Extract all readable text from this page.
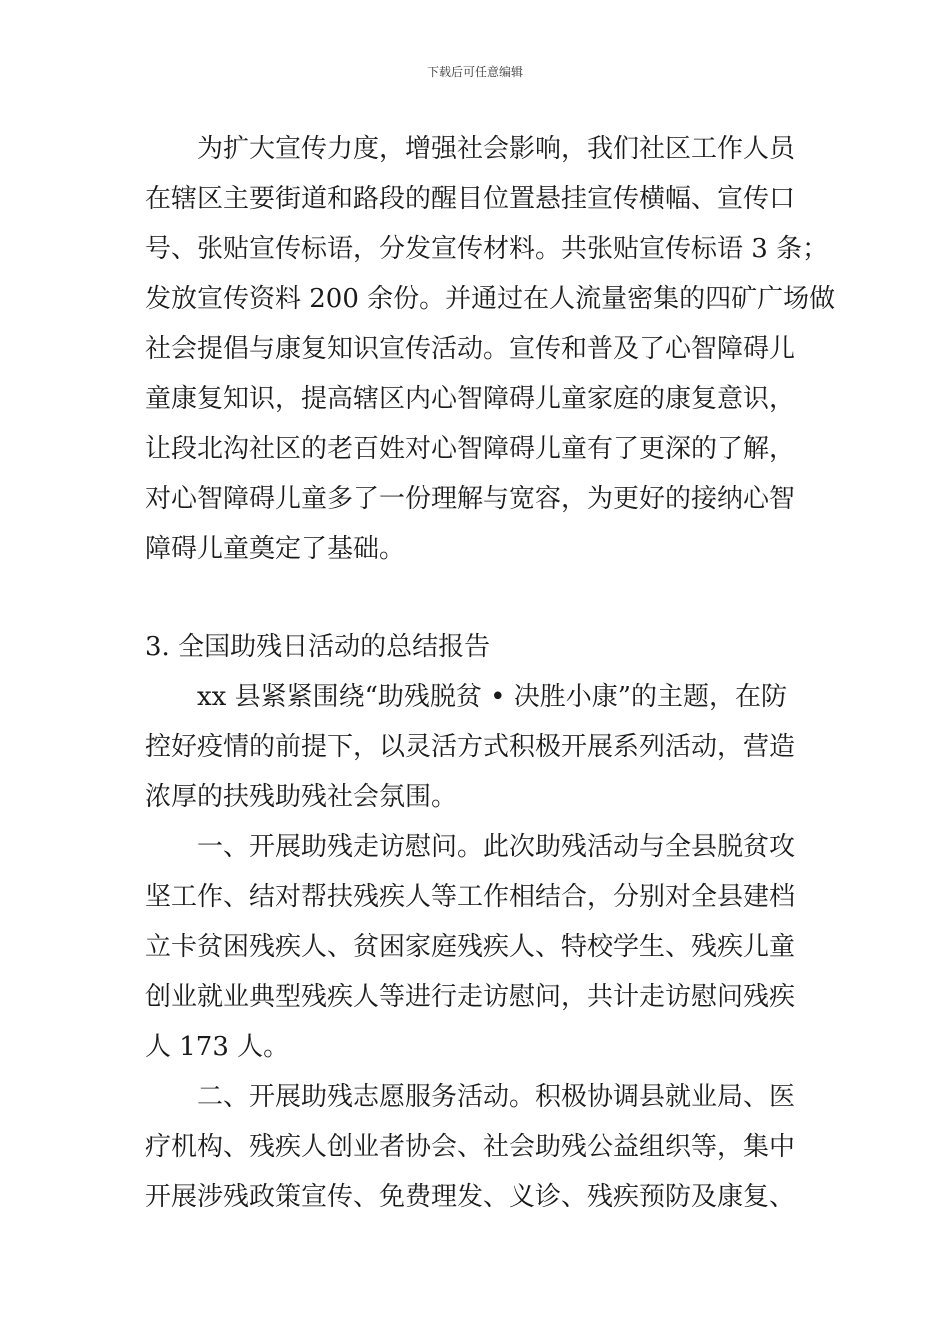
下载后可任意编辑
为扩大宣传力度，增强社会影响，我们社区工作人员
在辖区主要街道和路段的醒目位置悬挂宣传横幅、宣传口
号、张贴宣传标语，分发宣传材料。共张贴宣传标语 3 条；
发放宣传资料 200 余份。并通过在人流量密集的四矿广场做
社会提倡与康复知识宣传活动。宣传和普及了心智障碍儿
童康复知识，提高辖区内心智障碍儿童家庭的康复意识，
让段北沟社区的老百姓对心智障碍儿童有了更深的了解，
对心智障碍儿童多了一份理解与宽容，为更好的接纳心智
障碍儿童奠定了基础。
3. 全国助残日活动的总结报告
xx 县紧紧围绕“助残脱贫 • 决胜小康”的主题，在防
控好疫情的前提下，以灵活方式积极开展系列活动，营造
浓厚的扶残助残社会氛围。
一、开展助残走访慰问。此次助残活动与全县脱贫攻
坚工作、结对帮扶残疾人等工作相结合，分别对全县建档
立卡贫困残疾人、贫困家庭残疾人、特校学生、残疾儿童
创业就业典型残疾人等进行走访慰问，共计走访慰问残疾
人 173 人。
二、开展助残志愿服务活动。积极协调县就业局、医
疗机构、残疾人创业者协会、社会助残公益组织等，集中
开展涉残政策宣传、免费理发、义诊、残疾预防及康复、
